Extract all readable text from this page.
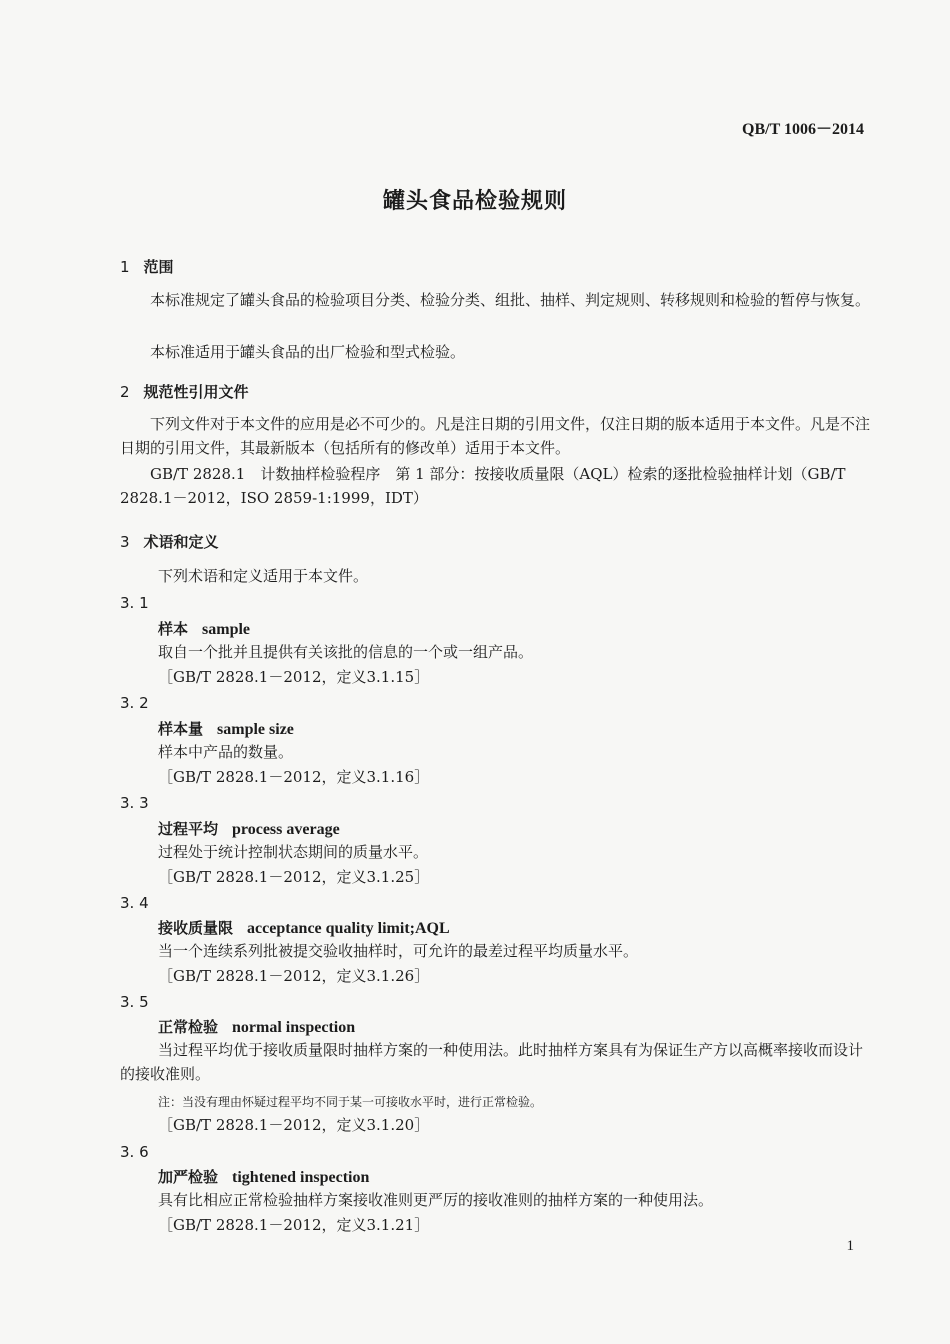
QB/T 1006－2014
罐头食品检验规则
1 范围
本标准规定了罐头食品的检验项目分类、检验分类、组批、抽样、判定规则、转移规则和检验的暂停与恢复。
本标准适用于罐头食品的出厂检验和型式检验。
2 规范性引用文件
下列文件对于本文件的应用是必不可少的。凡是注日期的引用文件，仅注日期的版本适用于本文件。凡是不注日期的引用文件，其最新版本（包括所有的修改单）适用于本文件。
GB/T 2828.1　计数抽样检验程序　第 1 部分：按接收质量限（AQL）检索的逐批检验抽样计划（GB/T 2828.1－2012，ISO 2859-1:1999，IDT）
3 术语和定义
下列术语和定义适用于本文件。
3. 1
样本 sample
取自一个批并且提供有关该批的信息的一个或一组产品。
［GB/T 2828.1－2012，定义3.1.15］
3. 2
样本量 sample size
样本中产品的数量。
［GB/T 2828.1－2012，定义3.1.16］
3. 3
过程平均 process average
过程处于统计控制状态期间的质量水平。
［GB/T 2828.1－2012，定义3.1.25］
3. 4
接收质量限 acceptance quality limit;AQL
当一个连续系列批被提交验收抽样时，可允许的最差过程平均质量水平。
［GB/T 2828.1－2012，定义3.1.26］
3. 5
正常检验 normal inspection
当过程平均优于接收质量限时抽样方案的一种使用法。此时抽样方案具有为保证生产方以高概率接收而设计的接收准则。
注：当没有理由怀疑过程平均不同于某一可接收水平时，进行正常检验。
［GB/T 2828.1－2012，定义3.1.20］
3. 6
加严检验 tightened inspection
具有比相应正常检验抽样方案接收准则更严厉的接收准则的抽样方案的一种使用法。
［GB/T 2828.1－2012，定义3.1.21］
1
